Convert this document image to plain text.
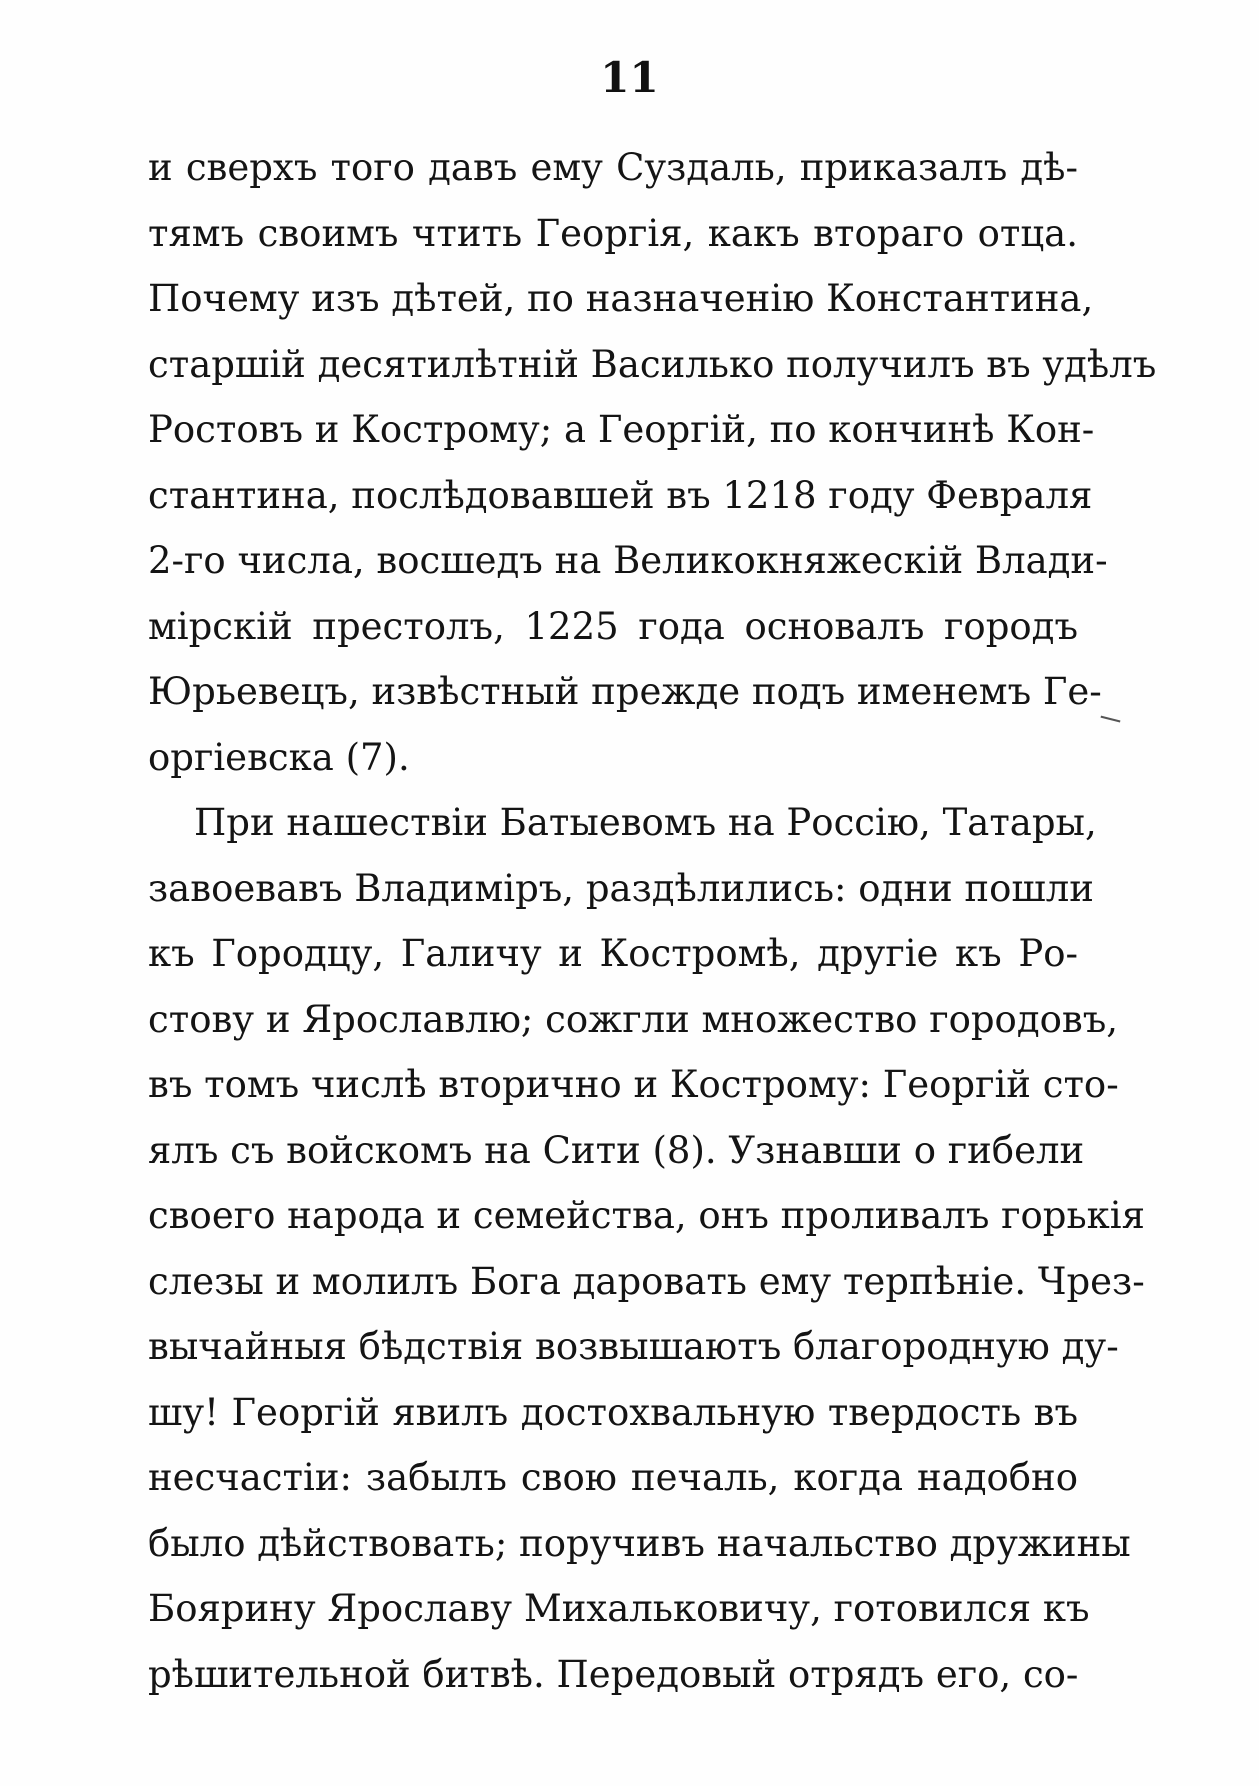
11
и сверхъ того давъ ему Суздаль, приказалъ дѣ-
тямъ своимъ чтить Георгія, какъ втораго отца.
Почему изъ дѣтей, по назначенію Константина,
старшій десятилѣтній Василько получилъ въ удѣлъ
Ростовъ и Кострому; а Георгій, по кончинѣ Кон-
стантина, послѣдовавшей въ 1218 году Февраля
2-го числа, восшедъ на Великокняжескій Влади-
мірскій престолъ, 1225 года основалъ городъ
Юрьевецъ, извѣстный прежде подъ именемъ Ге-
оргіевска (7).
При нашествіи Батыевомъ на Россію, Татары,
завоевавъ Владиміръ, раздѣлились: одни пошли
къ Городцу, Галичу и Костромѣ, другіе къ Ро-
стову и Ярославлю; сожгли множество городовъ,
въ томъ числѣ вторично и Кострому: Георгій сто-
ялъ съ войскомъ на Сити (8). Узнавши о гибели
своего народа и семейства, онъ проливалъ горькія
слезы и молилъ Бога даровать ему терпѣніе. Чрез-
вычайныя бѣдствія возвышаютъ благородную ду-
шу! Георгій явилъ достохвальную твердость въ
несчастіи: забылъ свою печаль, когда надобно
было дѣйствовать; поручивъ начальство дружины
Боярину Ярославу Михальковичу, готовился къ
рѣшительной битвѣ. Передовый отрядъ его, со-
